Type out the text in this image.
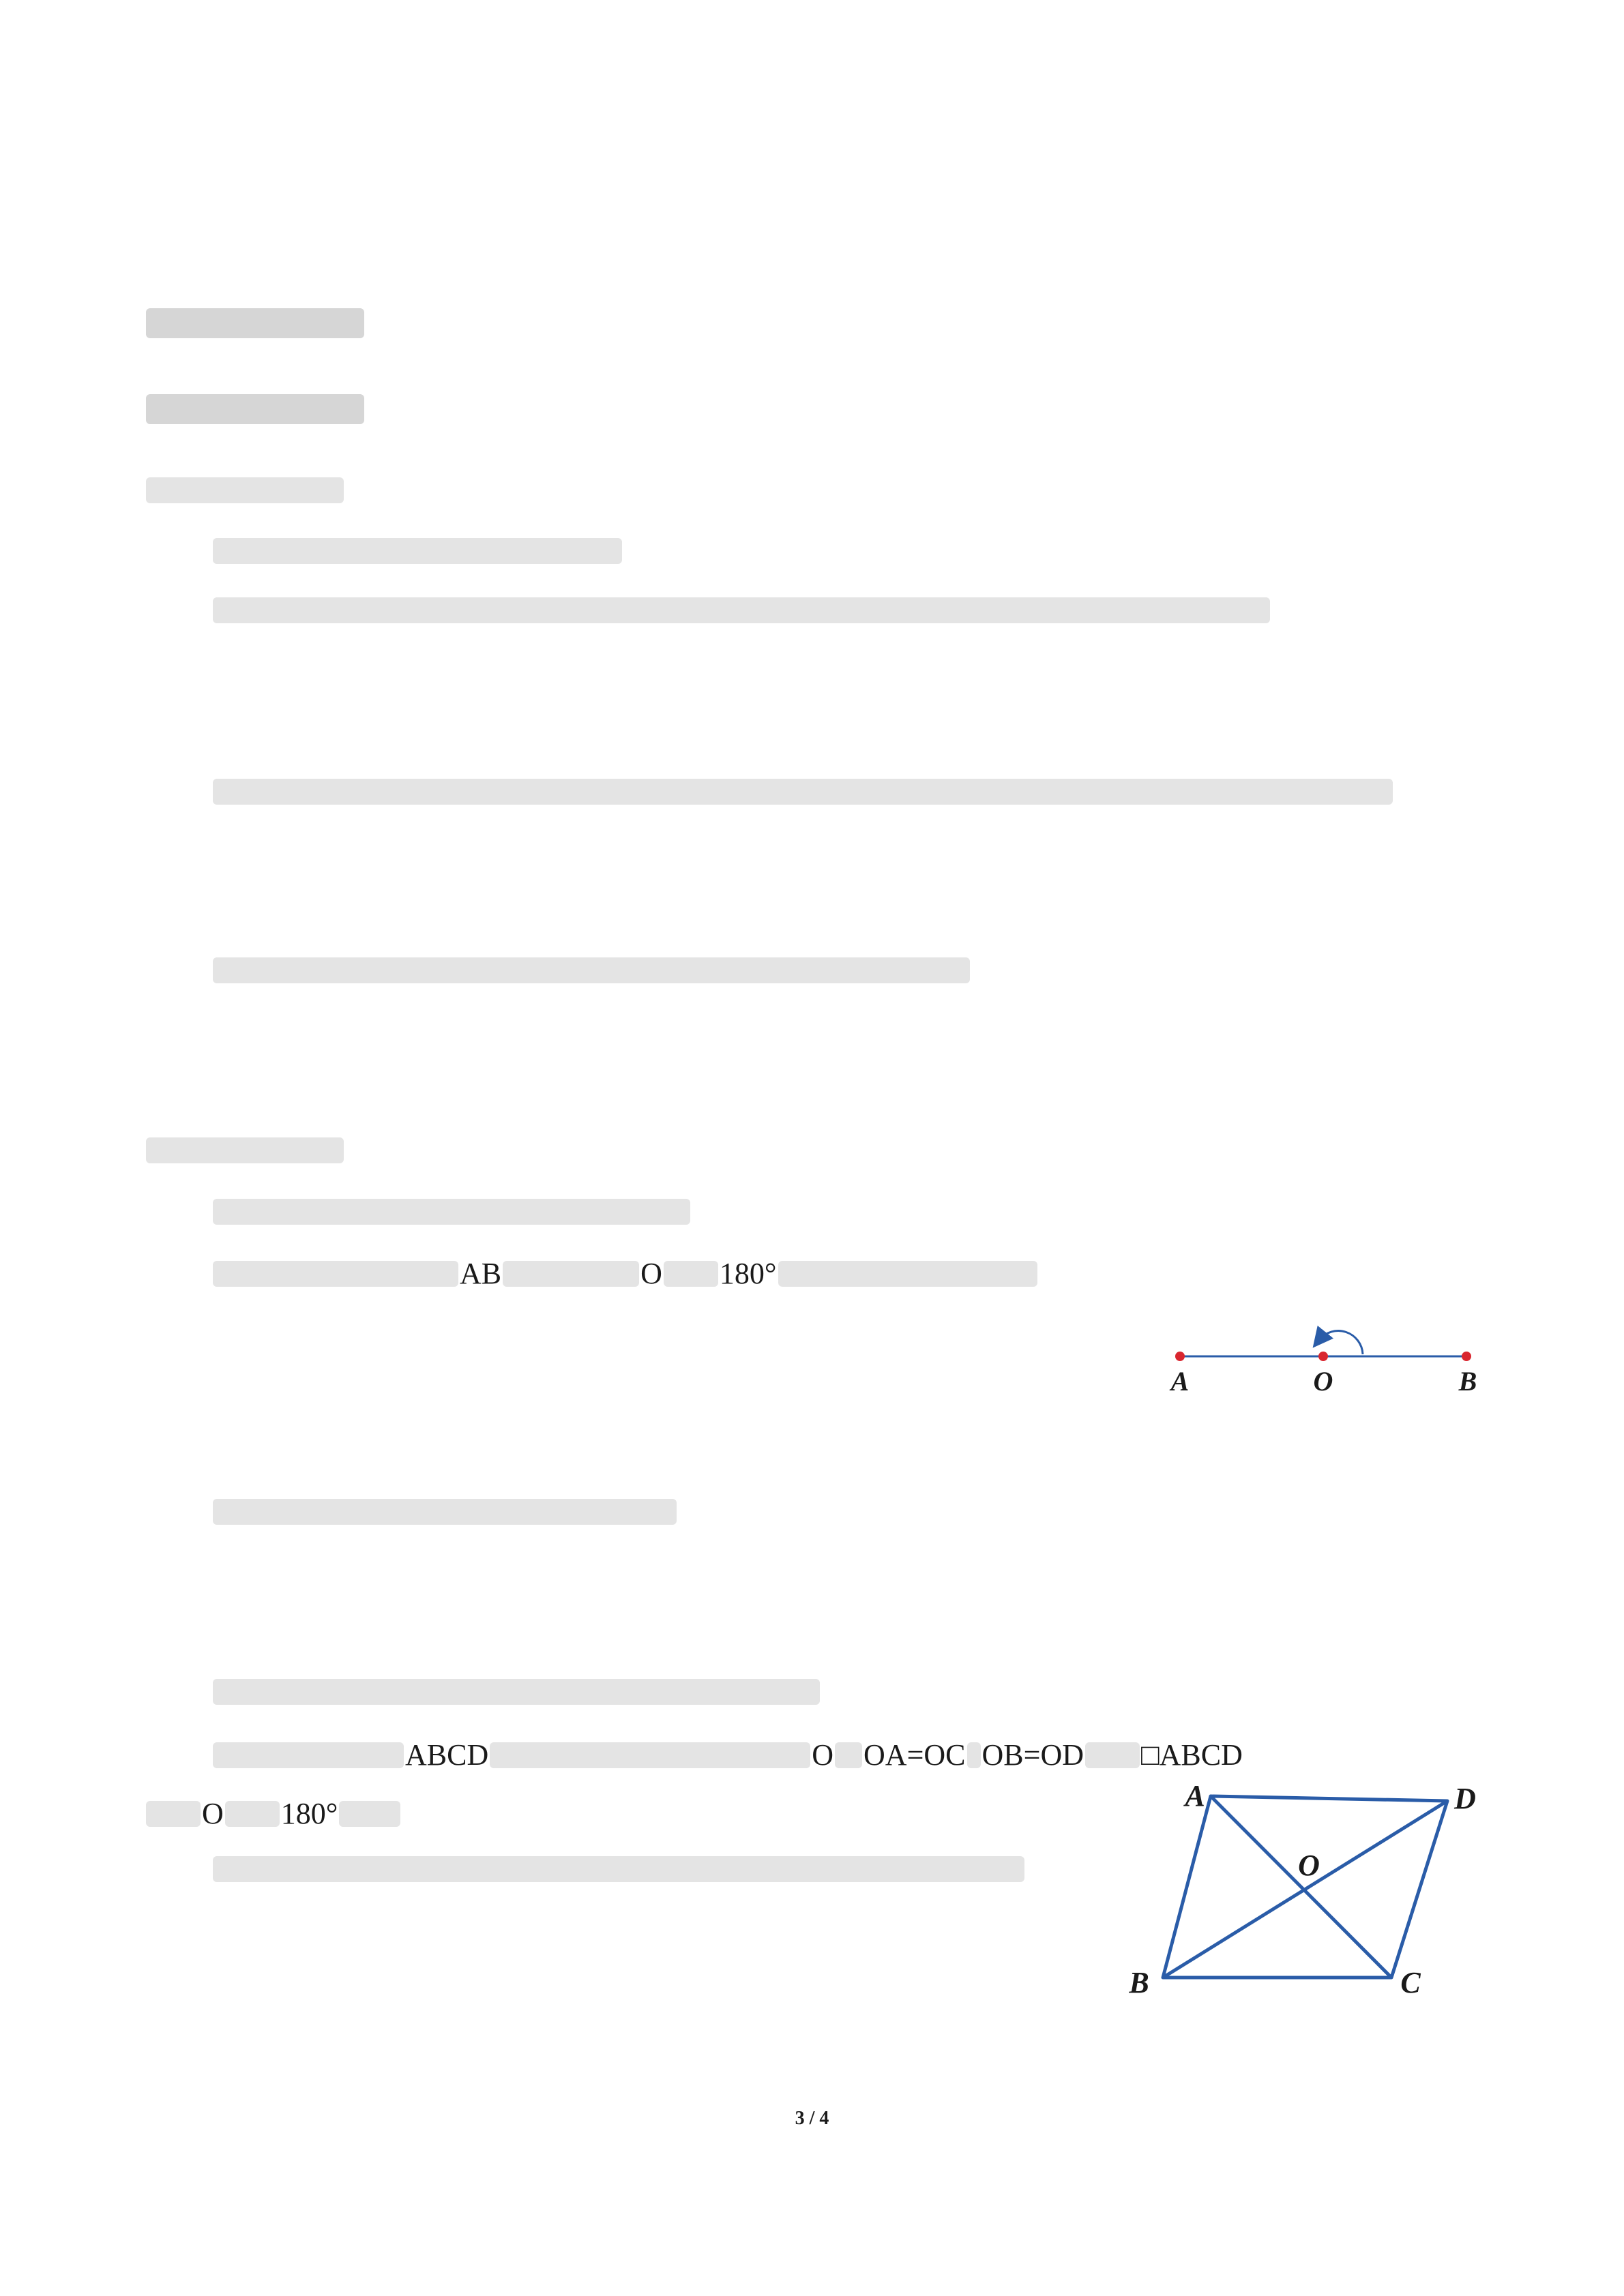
AB	O 180°
A	O	B
ABCD	O OA=OC OB=OD □ABCD
O 180°
A	D
O
B	C
3 / 4
